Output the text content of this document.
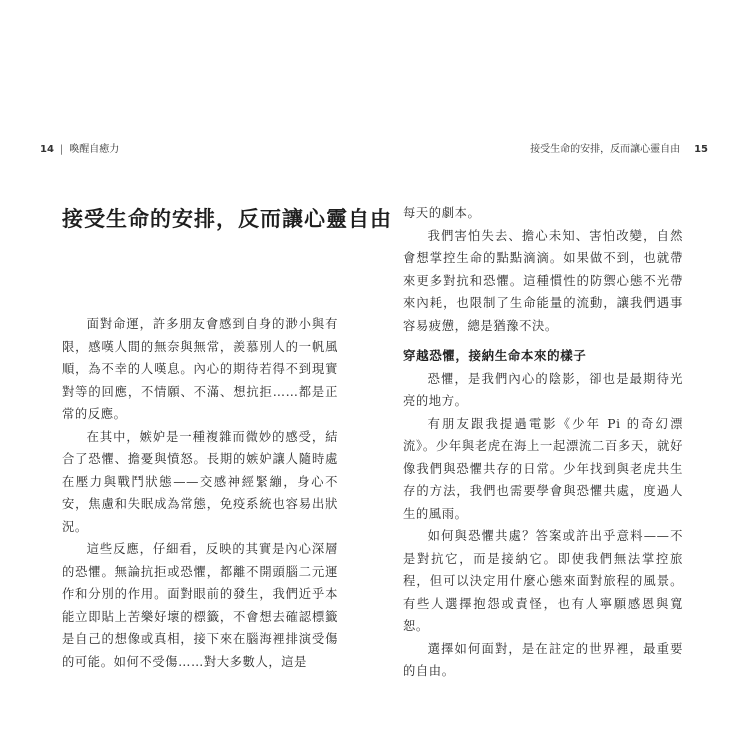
14 | 喚醒自癒力
接受生命的安排，反而讓心靈自由

面對命運，許多朋友會感到自身的渺小與有限，感嘆人間的無奈與無常，羨慕別人的一帆風順，為不幸的人嘆息。內心的期待若得不到現實對等的回應，不情願、不滿、想抗拒……都是正常的反應。

在其中，嫉妒是一種複雜而微妙的感受，結合了恐懼、擔憂與憤怒。長期的嫉妒讓人隨時處在壓力與戰鬥狀態——交感神經緊繃，身心不安，焦慮和失眠成為常態，免疫系統也容易出狀況。

這些反應，仔細看，反映的其實是內心深層的恐懼。無論抗拒或恐懼，都離不開頭腦二元運作和分別的作用。面對眼前的發生，我們近乎本能立即貼上苦樂好壞的標籤，不會想去確認標籤是自己的想像或真相，接下來在腦海裡排演受傷的可能。如何不受傷……對大多數人，這是

接受生命的安排，反而讓心靈自由 15

每天的劇本。

我們害怕失去、擔心未知、害怕改變，自然會想掌控生命的點點滴滴。如果做不到，也就帶來更多對抗和恐懼。這種慣性的防禦心態不光帶來內耗，也限制了生命能量的流動，讓我們遇事容易疲憊，總是猶豫不決。

穿越恐懼，接納生命本來的樣子

恐懼，是我們內心的陰影，卻也是最期待光亮的地方。

有朋友跟我提過電影《少年 Pi 的奇幻漂流》。少年與老虎在海上一起漂流二百多天，就好像我們與恐懼共存的日常。少年找到與老虎共生存的方法，我們也需要學會與恐懼共處，度過人生的風雨。

如何與恐懼共處？答案或許出乎意料——不是對抗它，而是接納它。即使我們無法掌控旅程，但可以決定用什麼心態來面對旅程的風景。有些人選擇抱怨或責怪，也有人寧願感恩與寬恕。

選擇如何面對，是在註定的世界裡，最重要的自由。
